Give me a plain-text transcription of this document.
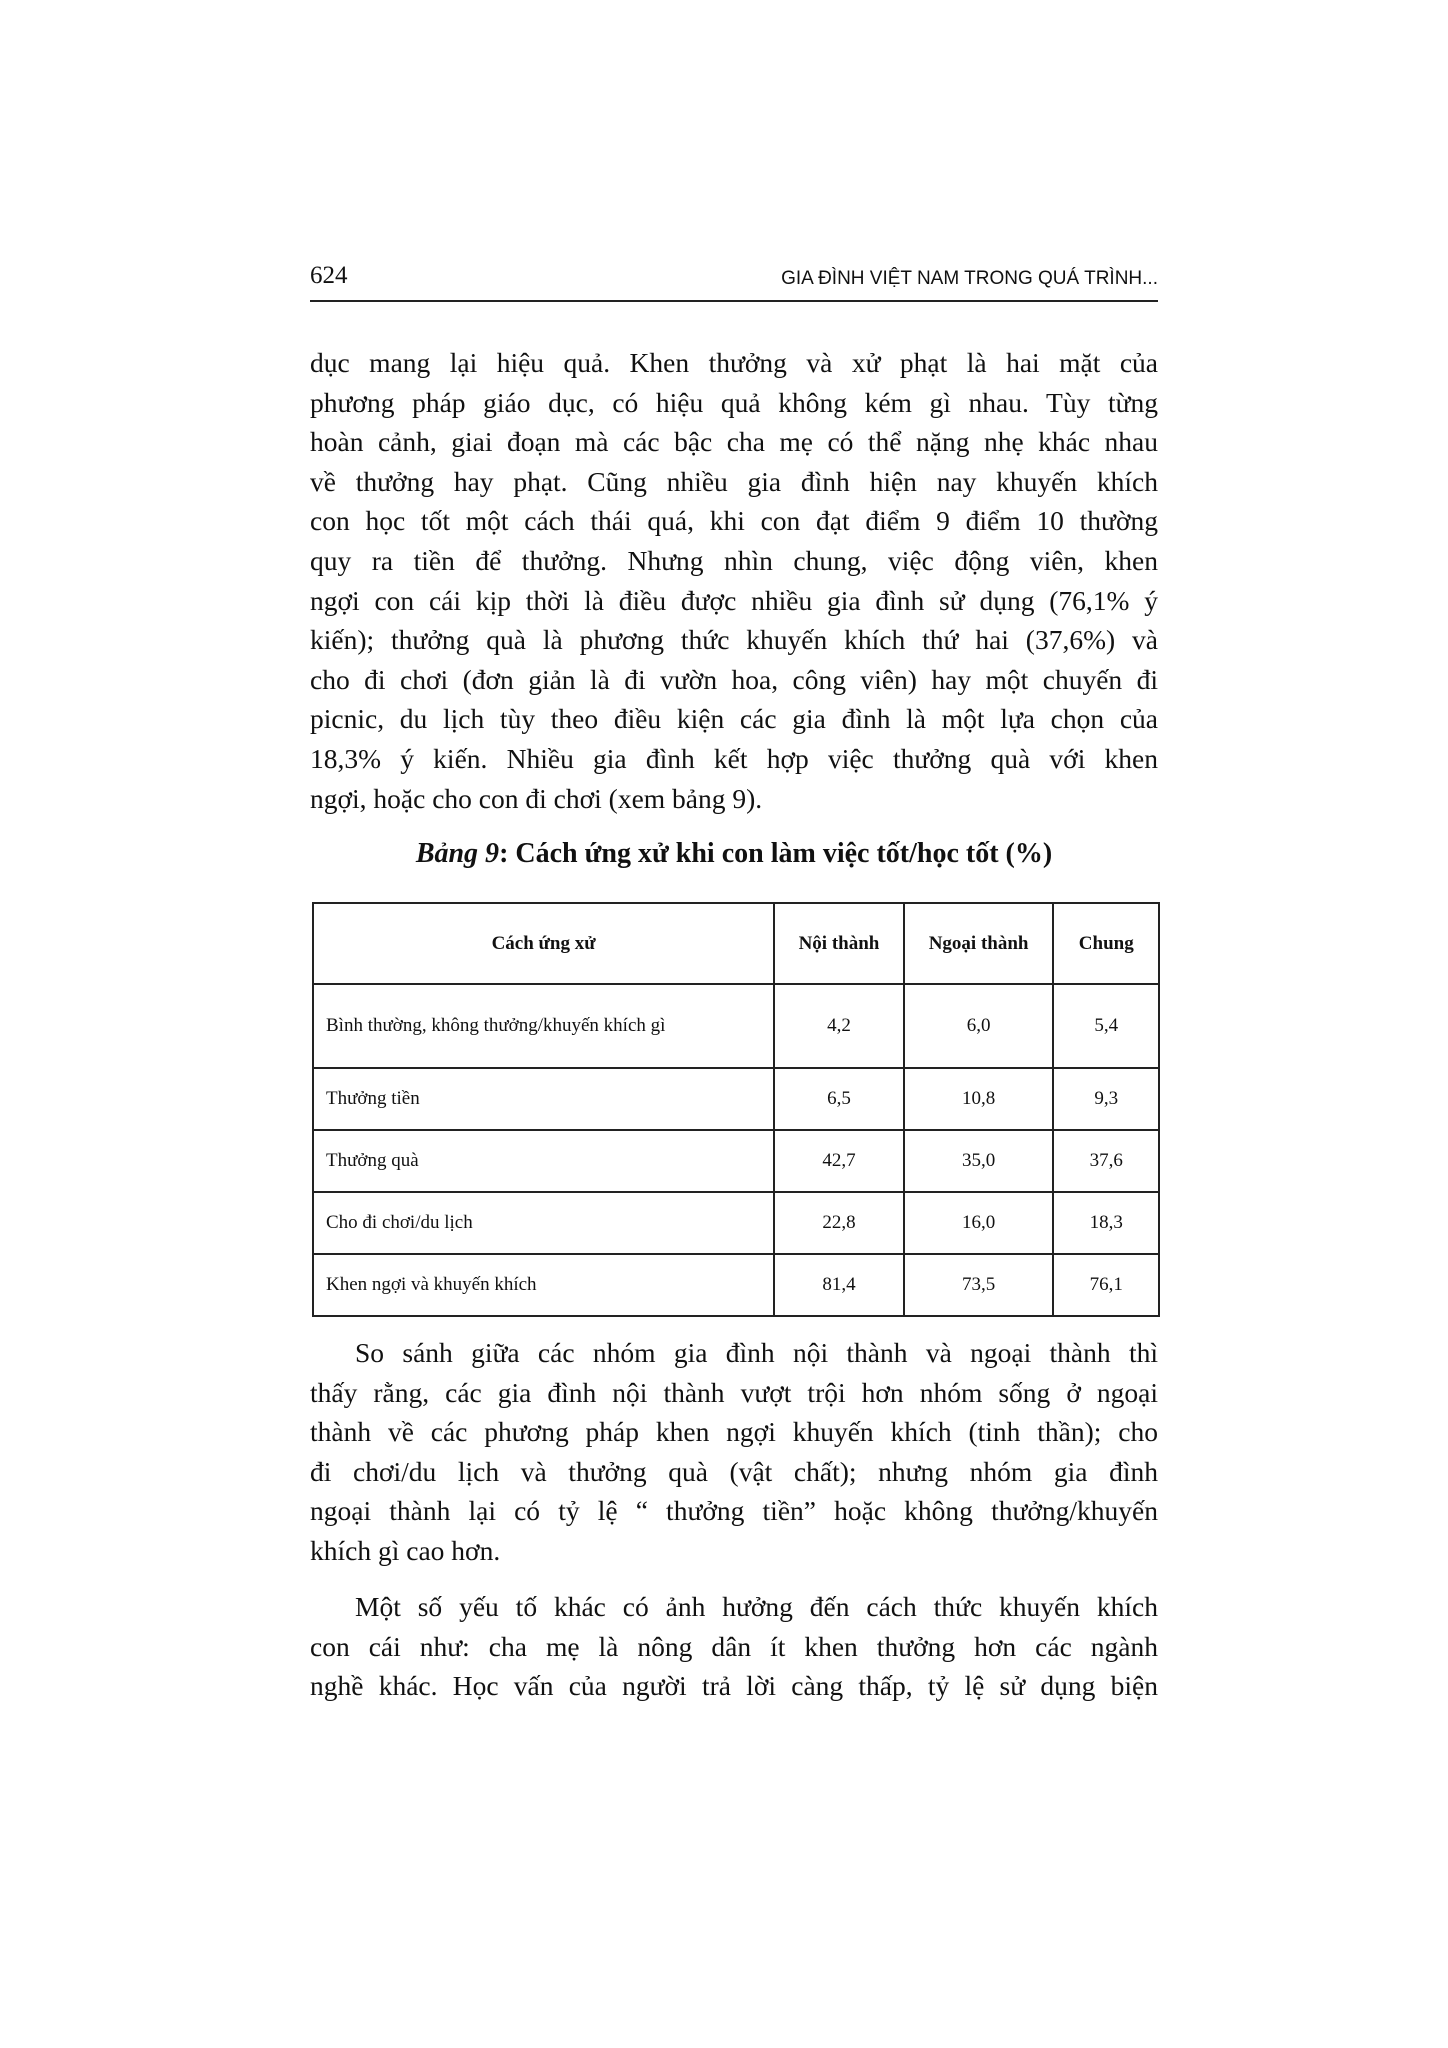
624	GIA ĐÌNH VIỆT NAM TRONG QUÁ TRÌNH...
dục mang lại hiệu quả. Khen thưởng và xử phạt là hai mặt của
phương pháp giáo dục, có hiệu quả không kém gì nhau. Tùy từng
hoàn cảnh, giai đoạn mà các bậc cha mẹ có thể nặng nhẹ khác nhau
về thưởng hay phạt. Cũng nhiều gia đình hiện nay khuyến khích
con học tốt một cách thái quá, khi con đạt điểm 9 điểm 10 thường
quy ra tiền để thưởng. Nhưng nhìn chung, việc động viên, khen
ngợi con cái kịp thời là điều được nhiều gia đình sử dụng (76,1% ý
kiến); thưởng quà là phương thức khuyến khích thứ hai (37,6%) và
cho đi chơi (đơn giản là đi vườn hoa, công viên) hay một chuyến đi
picnic, du lịch tùy theo điều kiện các gia đình là một lựa chọn của
18,3% ý kiến. Nhiều gia đình kết hợp việc thưởng quà với khen
ngợi, hoặc cho con đi chơi (xem bảng 9).
Bảng 9: Cách ứng xử khi con làm việc tốt/học tốt (%)
Cách ứng xử	Nội thành	Ngoại thành	Chung
Bình thường, không thưởng/khuyến khích gì	4,2	6,0	5,4
Thưởng tiền	6,5	10,8	9,3
Thưởng quà	42,7	35,0	37,6
Cho đi chơi/du lịch	22,8	16,0	18,3
Khen ngợi và khuyến khích	81,4	73,5	76,1
So sánh giữa các nhóm gia đình nội thành và ngoại thành thì
thấy rằng, các gia đình nội thành vượt trội hơn nhóm sống ở ngoại
thành về các phương pháp khen ngợi khuyến khích (tinh thần); cho
đi chơi/du lịch và thưởng quà (vật chất); nhưng nhóm gia đình
ngoại thành lại có tỷ lệ “ thưởng tiền” hoặc không thưởng/khuyến
khích gì cao hơn.
Một số yếu tố khác có ảnh hưởng đến cách thức khuyến khích
con cái như: cha mẹ là nông dân ít khen thưởng hơn các ngành
nghề khác. Học vấn của người trả lời càng thấp, tỷ lệ sử dụng biện
